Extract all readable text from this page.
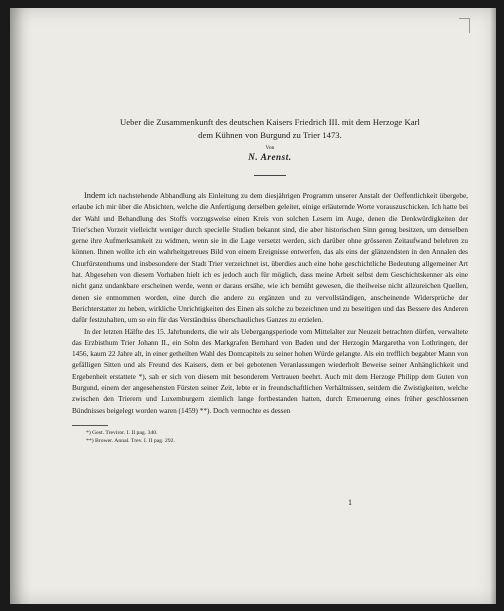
Ueber die Zusammenkunft des deutschen Kaisers Friedrich III. mit dem Herzoge Karl
dem Kühnen von Burgund zu Trier 1473.
Von
N. Arenst.

Indem ich nachstehende Abhandlung als Einleitung zu dem diesjährigen Programm unserer Anstalt der Oeffentlichkeit übergebe, erlaube ich mir über die Absichten, welche die Anfertigung derselben geleitet, einige erläuternde Worte vorauszuschicken. Ich hatte bei der Wahl und Behandlung des Stoffs vorzugsweise einen Kreis von solchen Lesern im Auge, denen die Denkwürdigkeiten der Trier'schen Vorzeit vielleicht weniger durch specielle Studien bekannt sind, die aber historischen Sinn genug besitzen, um denselben gerne ihre Aufmerksamkeit zu widmen, wenn sie in die Lage versetzt werden, sich darüber ohne grösseren Zeitaufwand belehren zu können. Ihnen wollte ich ein wahrheitgetreues Bild von einem Ereignisse entwerfen, das als eins der glänzendsten in den Annalen des Churfürstenthums und insbesondere der Stadt Trier verzeichnet ist, überdies auch eine hohe geschichtliche Bedeutung allgemeiner Art hat. Abgesehen von diesem Vorhaben hielt ich es jedoch auch für möglich, dass meine Arbeit selbst dem Geschichtskenner als eine nicht ganz undankbare erscheinen werde, wenn er daraus ersähe, wie ich bemüht gewesen, die theilweise nicht allzureichen Quellen, denen sie entnommen worden, eine durch die andere zu ergänzen und zu vervollständigen, anscheinende Widersprüche der Berichterstatter zu heben, wirkliche Unrichtigkeiten des Einen als solche zu bezeichnen und zu beseitigen und das Bessere des Anderen dafür festzuhalten, um so ein für das Verständniss überschauliches Ganzes zu erzielen.

In der letzten Hälfte des 15. Jahrhunderts, die wir als Uebergangsperiode vom Mittelalter zur Neuzeit betrachten dürfen, verwaltete das Erzbisthum Trier Johann II., ein Sohn des Markgrafen Bernhard von Baden und der Herzogin Margaretha von Lothringen, der 1456, kaum 22 Jahre alt, in einer getheilten Wahl des Domcapitels zu seiner hohen Würde gelangte. Als ein trefflich begabter Mann von gefälligen Sitten und als Freund des Kaisers, dem er bei gebotenen Veranlassungen wiederholt Beweise seiner Anhänglichkeit und Ergebenheit erstattete *), sah er sich von diesem mit besonderem Vertrauen beehrt. Auch mit dem Herzoge Philipp dem Guten von Burgund, einem der angesehensten Fürsten seiner Zeit, lebte er in freundschaftlichen Verhältnissen, seitdem die Zwistigkeiten, welche zwischen den Trierern und Luxemburgern ziemlich lange fortbestanden hatten, durch Erneuerung eines früher geschlossenen Bündnisses beigelegt worden waren (1459) **). Doch vermochte es dessen

*) Gest. Treviror. I. II pag. 340.

**) Brower. Annal. Trev. I. II pag. 292.

1
